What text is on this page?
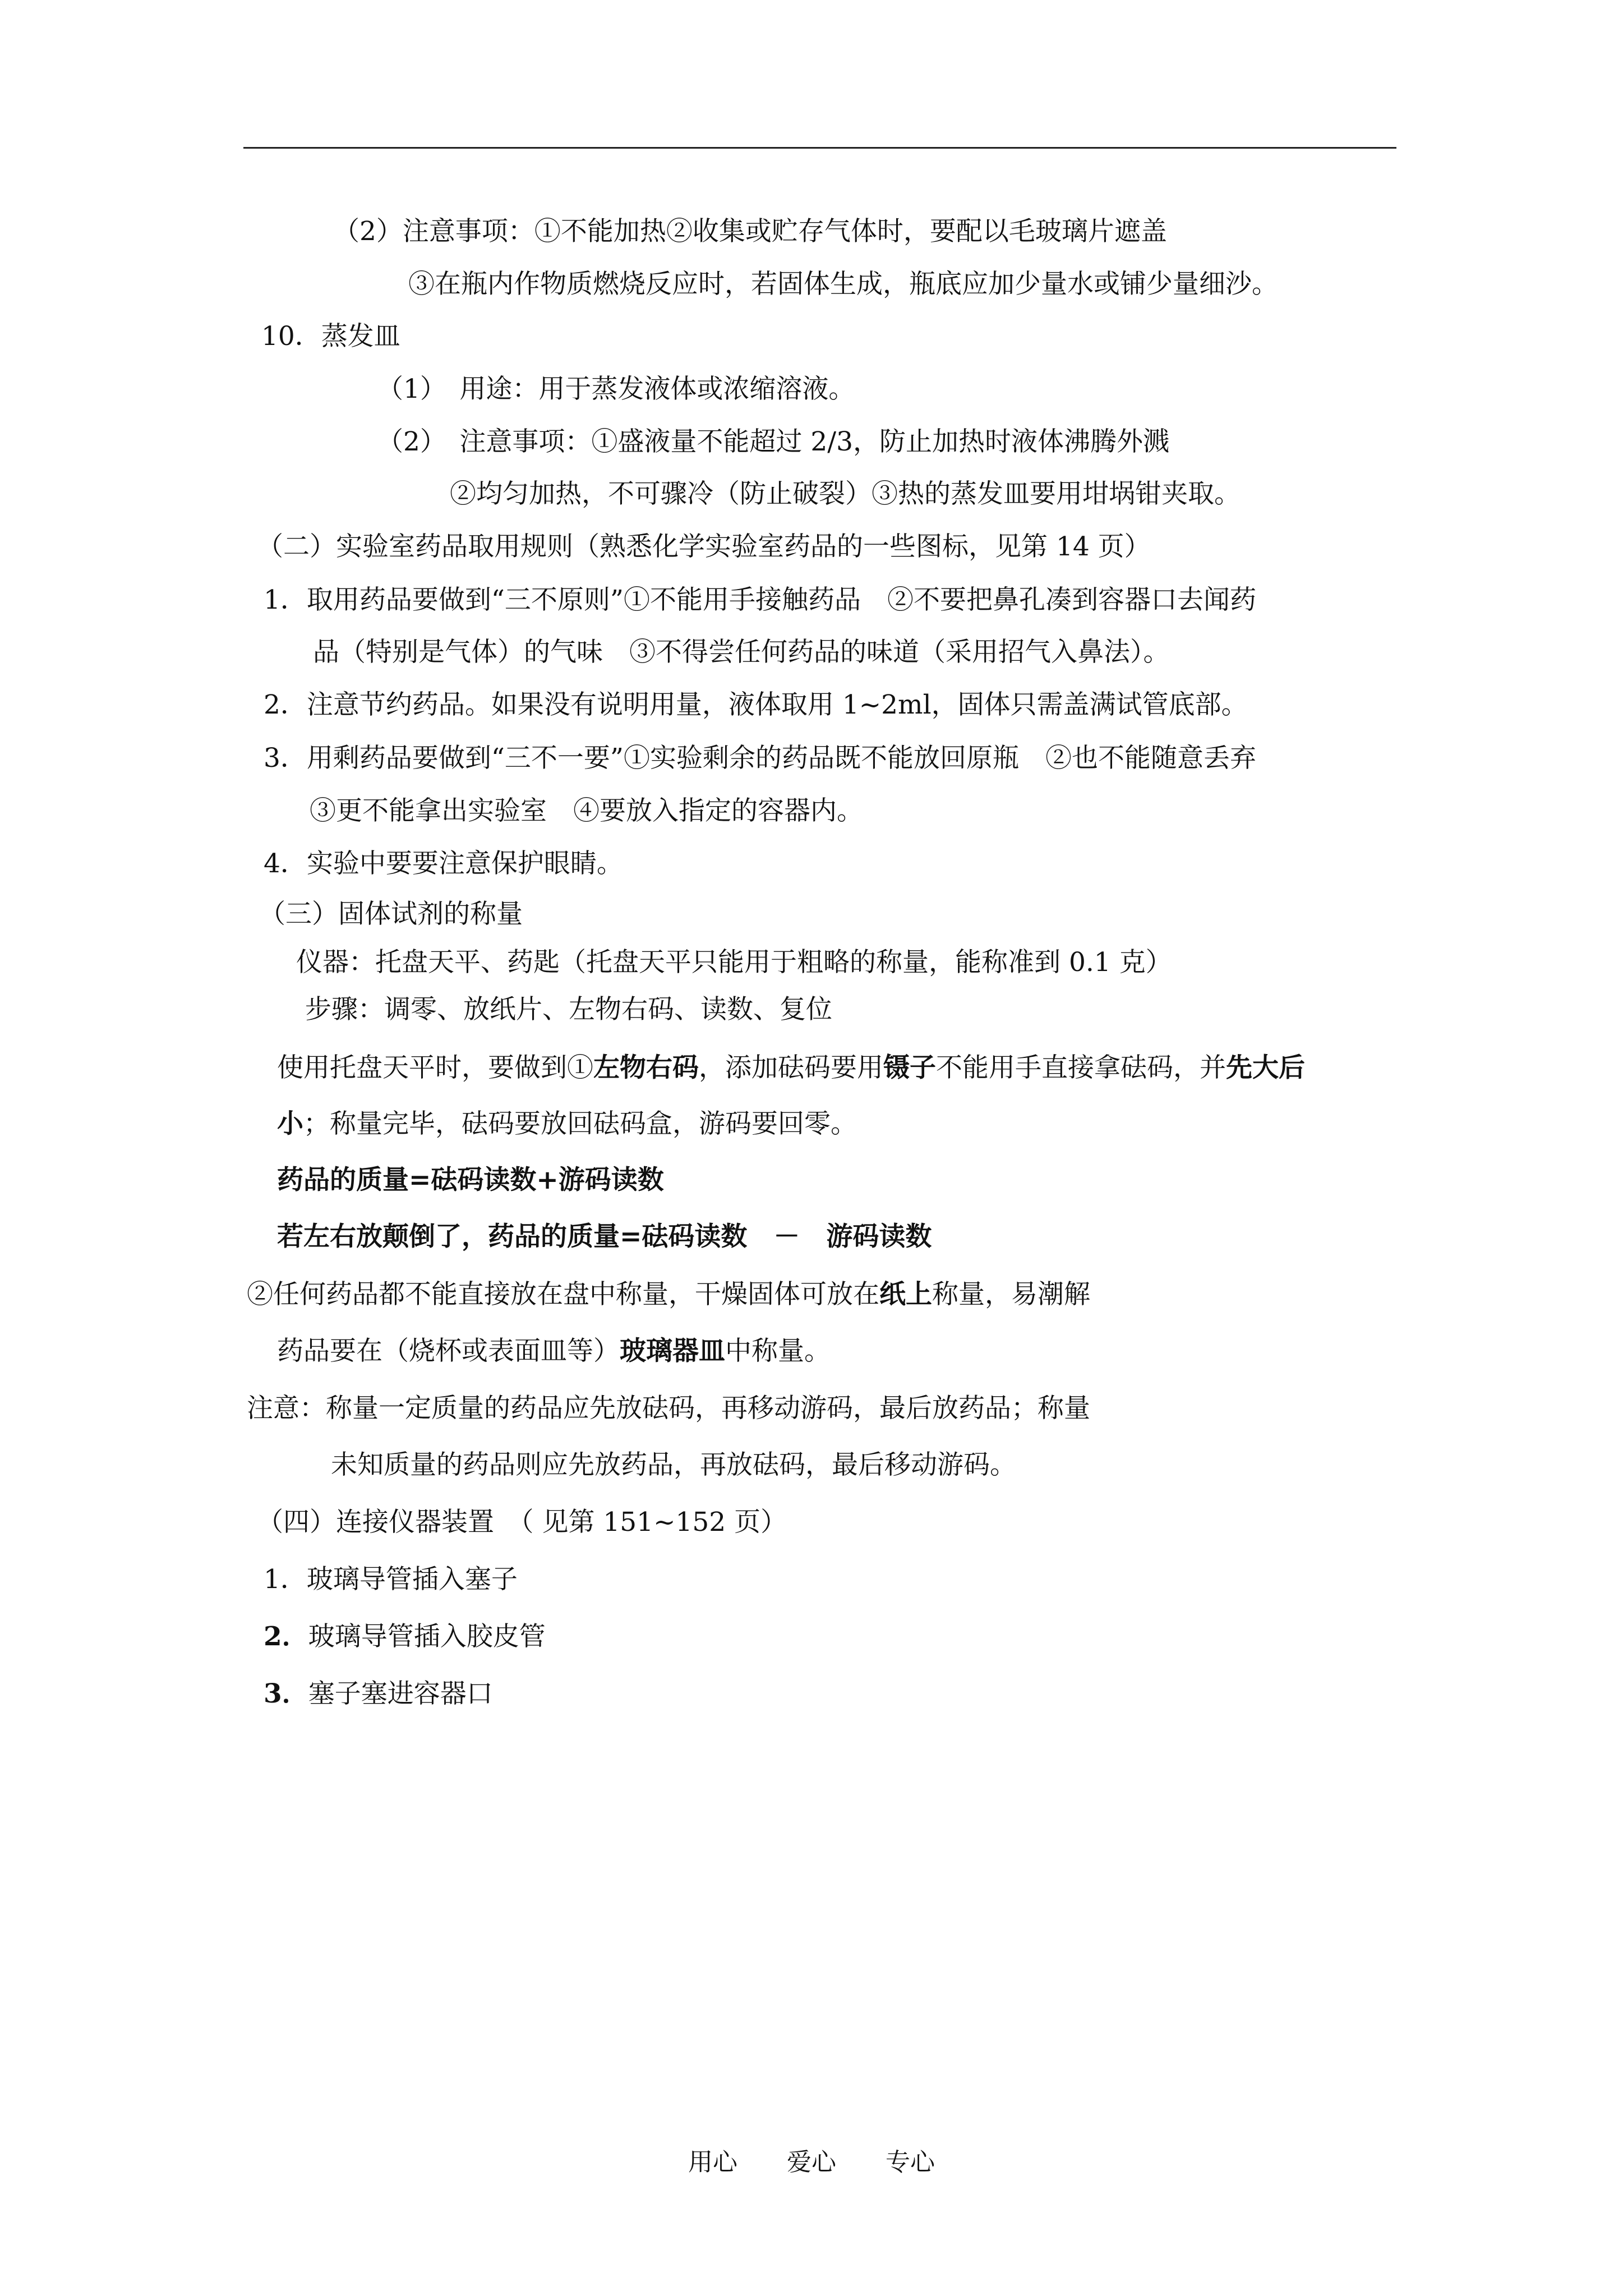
（2）注意事项：①不能加热②收集或贮存气体时，要配以毛玻璃片遮盖
③在瓶内作物质燃烧反应时，若固体生成，瓶底应加少量水或铺少量细沙。
10．蒸发皿
（1）　用途：用于蒸发液体或浓缩溶液。
（2）　注意事项：①盛液量不能超过 2/3，防止加热时液体沸腾外溅
②均匀加热，不可骤冷（防止破裂）③热的蒸发皿要用坩埚钳夹取。
（二）实验室药品取用规则（熟悉化学实验室药品的一些图标，见第 14 页）
1．取用药品要做到“三不原则”①不能用手接触药品　②不要把鼻孔凑到容器口去闻药
品（特别是气体）的气味　③不得尝任何药品的味道（采用招气入鼻法）。
2．注意节约药品。如果没有说明用量，液体取用 1~2ml，固体只需盖满试管底部。
3．用剩药品要做到“三不一要”①实验剩余的药品既不能放回原瓶　②也不能随意丢弃
③更不能拿出实验室　④要放入指定的容器内。
4．实验中要要注意保护眼睛。
（三）固体试剂的称量
仪器：托盘天平、药匙（托盘天平只能用于粗略的称量，能称准到 0.1 克）
步骤：调零、放纸片、左物右码、读数、复位
使用托盘天平时，要做到①左物右码，添加砝码要用镊子不能用手直接拿砝码，并先大后
小；称量完毕，砝码要放回砝码盒，游码要回零。
药品的质量=砝码读数+游码读数
若左右放颠倒了，药品的质量=砝码读数　－　游码读数
②任何药品都不能直接放在盘中称量，干燥固体可放在纸上称量，易潮解
药品要在（烧杯或表面皿等）玻璃器皿中称量。
注意：称量一定质量的药品应先放砝码，再移动游码，最后放药品；称量
未知质量的药品则应先放药品，再放砝码，最后移动游码。
（四）连接仪器装置　（ 见第 151~152 页）
1．玻璃导管插入塞子
2．玻璃导管插入胶皮管
3．塞子塞进容器口
用心　　爱心　　专心
